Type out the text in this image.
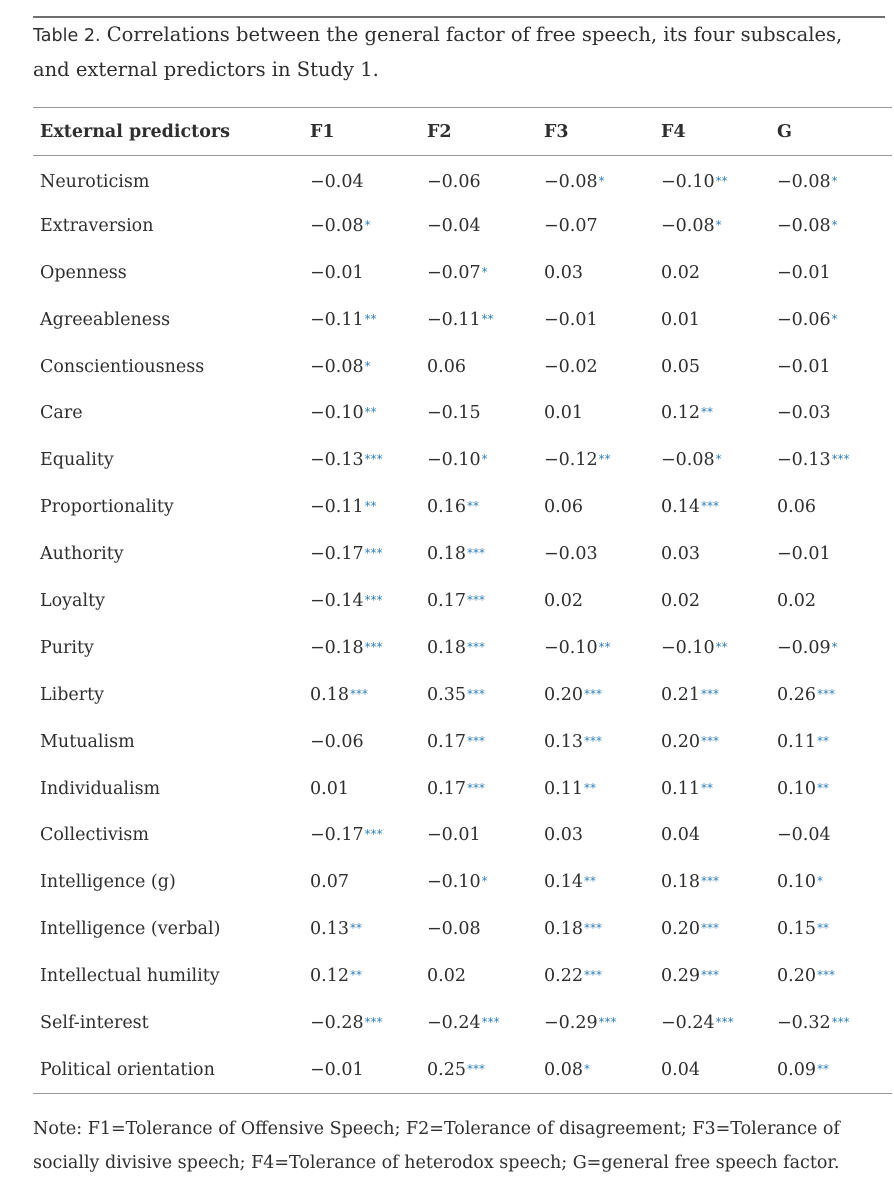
Table 2. Correlations between the general factor of free speech, its four subscales, and external predictors in Study 1.
External predictors	F1	F2	F3	F4	G
Neuroticism	−0.04	−0.06	−0.08*	−0.10**	−0.08*
Extraversion	−0.08*	−0.04	−0.07	−0.08*	−0.08*
Openness	−0.01	−0.07*	0.03	0.02	−0.01
Agreeableness	−0.11**	−0.11**	−0.01	0.01	−0.06*
Conscientiousness	−0.08*	0.06	−0.02	0.05	−0.01
Care	−0.10**	−0.15	0.01	0.12**	−0.03
Equality	−0.13***	−0.10*	−0.12**	−0.08*	−0.13***
Proportionality	−0.11**	0.16**	0.06	0.14***	0.06
Authority	−0.17***	0.18***	−0.03	0.03	−0.01
Loyalty	−0.14***	0.17***	0.02	0.02	0.02
Purity	−0.18***	0.18***	−0.10**	−0.10**	−0.09*
Liberty	0.18***	0.35***	0.20***	0.21***	0.26***
Mutualism	−0.06	0.17***	0.13***	0.20***	0.11**
Individualism	0.01	0.17***	0.11**	0.11**	0.10**
Collectivism	−0.17***	−0.01	0.03	0.04	−0.04
Intelligence (g)	0.07	−0.10*	0.14**	0.18***	0.10*
Intelligence (verbal)	0.13**	−0.08	0.18***	0.20***	0.15**
Intellectual humility	0.12**	0.02	0.22***	0.29***	0.20***
Self-interest	−0.28***	−0.24***	−0.29***	−0.24***	−0.32***
Political orientation	−0.01	0.25***	0.08*	0.04	0.09**
Note: F1=Tolerance of Offensive Speech; F2=Tolerance of disagreement; F3=Tolerance of socially divisive speech; F4=Tolerance of heterodox speech; G=general free speech factor.
